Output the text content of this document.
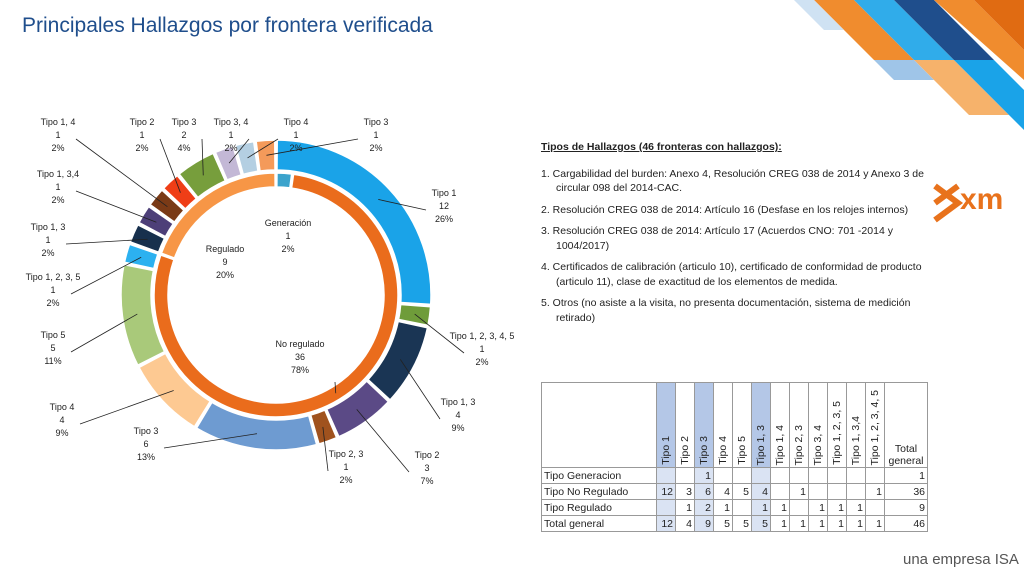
Principales Hallazgos por frontera verificada
Tipo 1 12 26%
Tipo 1, 2, 3, 4, 5 1 2%
Tipo 1, 3 4 9%
Tipo 2 3 7%
Tipo 2, 3 1 2%
Tipo 3 6 13%
Tipo 4 4 9%
Tipo 5 5 11%
Tipo 1, 2, 3, 5 1 2%
Tipo 1, 3 1 2%
Tipo 1, 3,4 1 2%
Tipo 1, 4 1 2%
Tipo 2 1 2%
Tipo 3 2 4%
Tipo 3, 4 1 2%
Tipo 4 1 2%
Tipo 3 1 2%
Generación 1 2%
No regulado 36 78%
Regulado 9 20%
xm
Tipos de Hallazgos (46 fronteras con hallazgos):
1. Cargabilidad del burden: Anexo 4, Resolución CREG 038 de 2014 y Anexo 3 de circular 098 del 2014-CAC.
2. Resolución CREG 038 de 2014: Artículo 16 (Desfase en los relojes internos)
3. Resolución CREG 038 de 2014: Artículo 17 (Acuerdos CNO: 701 -2014 y 1004/2017)
4. Certificados de calibración (articulo 10), certificado de conformidad de producto (articulo 11), clase de exactitud de los elementos de medida.
5. Otros (no asiste a la visita, no presenta documentación, sistema de medición retirado)

	Tipo 1	Tipo 2	Tipo 3	Tipo 4	Tipo 5	Tipo 1, 3	Tipo 1, 4	Tipo 2, 3	Tipo 3, 4	Tipo 1, 2, 3, 5	Tipo 1, 3,4	Tipo 1, 2, 3, 4, 5	Total general
Tipo Generacion			1										1
Tipo No Regulado	12	3	6	4	5	4		1				1	36
Tipo Regulado		1	2	1		1	1		1	1	1		9
Total general	12	4	9	5	5	5	1	1	1	1	1	1	46
una empresa ISA
